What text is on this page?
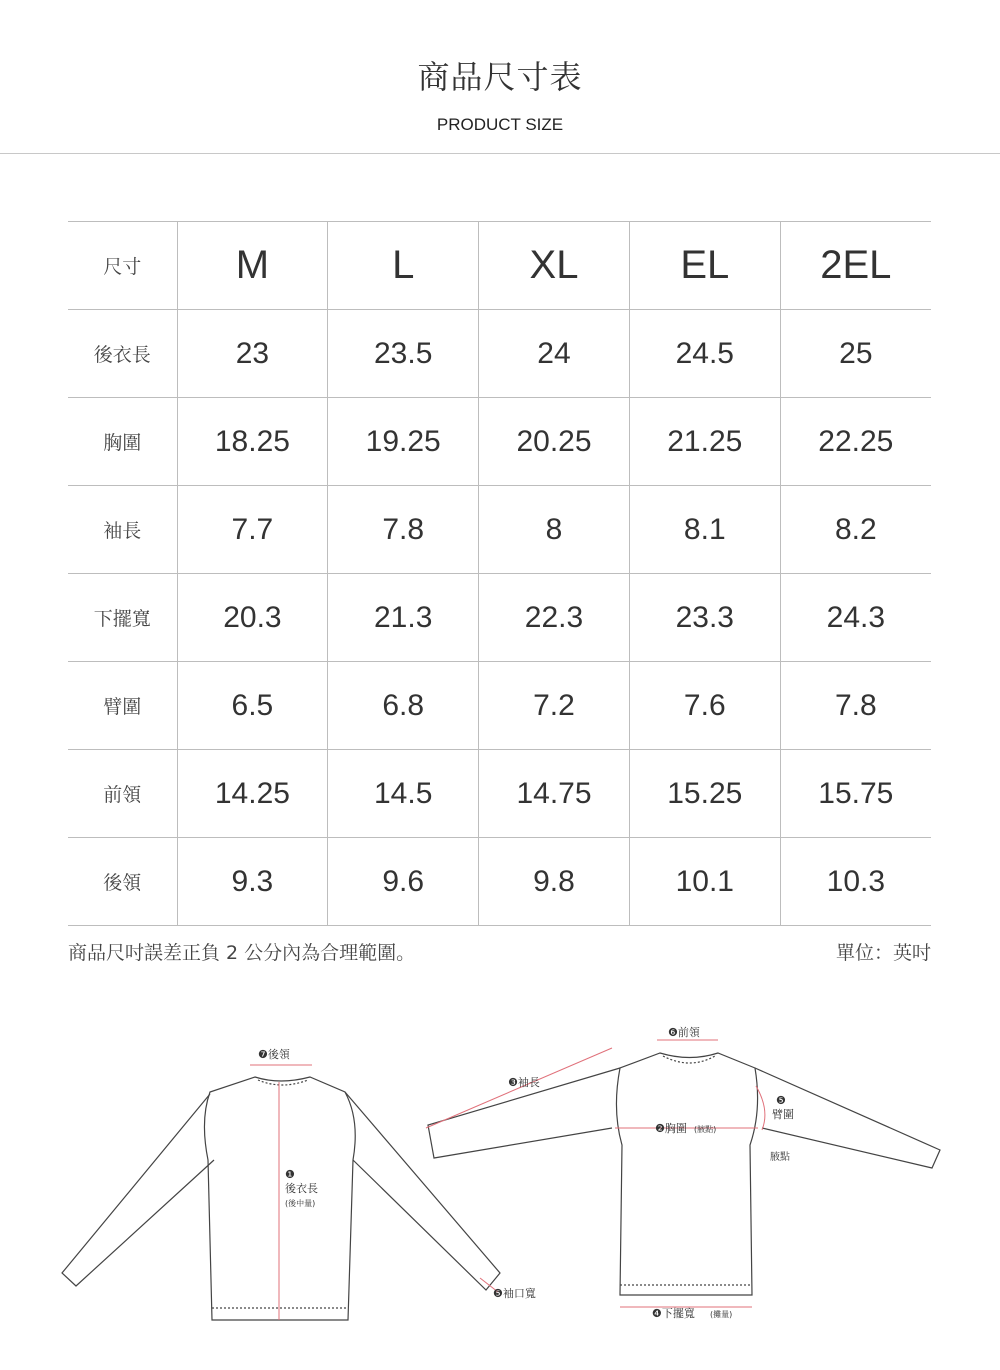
商品尺寸表
PRODUCT SIZE
尺寸	M	L	XL	EL	2EL
後衣長	23	23.5	24	24.5	25
胸圍	18.25	19.25	20.25	21.25	22.25
袖長	7.7	7.8	8	8.1	8.2
下擺寬	20.3	21.3	22.3	23.3	24.3
臂圍	6.5	6.8	7.2	7.6	7.8
前領	14.25	14.5	14.75	15.25	15.75
後領	9.3	9.6	9.8	10.1	10.3
商品尺吋誤差正負 2 公分內為合理範圍。	單位：英吋
❼後領
❶
後衣長
(後中量)
❸袖長
❺袖口寬
❻前領
❷胸圍 (腋點)
❺
臂圍
腋點
❹下擺寬 (攤量)
